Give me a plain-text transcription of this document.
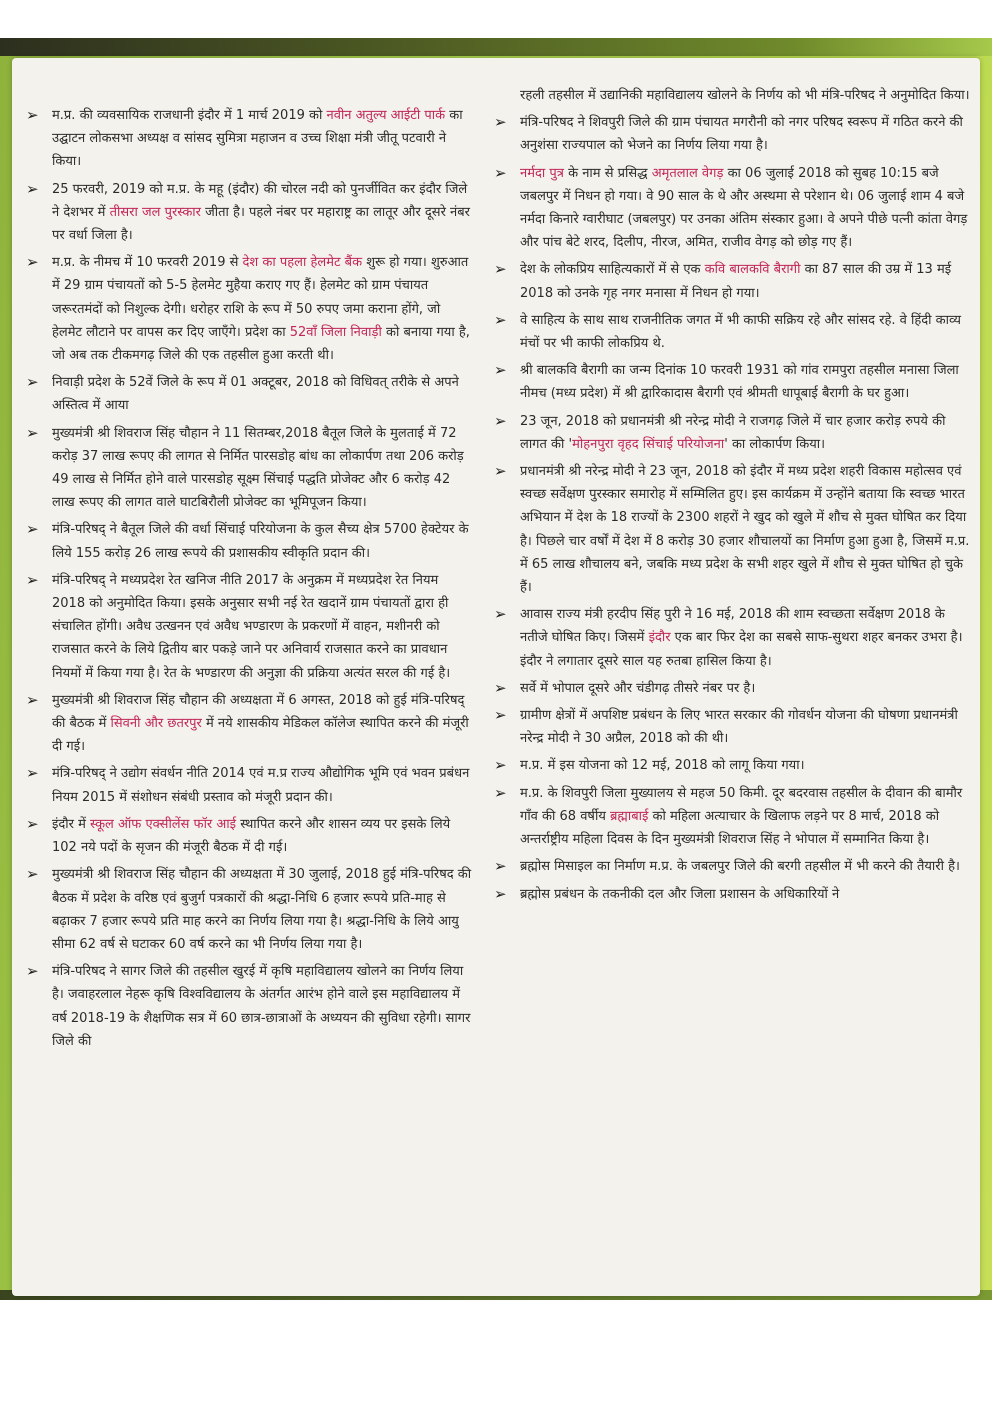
➢ म.प्र. की व्यवसायिक राजधानी इंदौर में 1 मार्च 2019 को नवीन अतुल्य आईटी पार्क का उद्घाटन लोकसभा अध्यक्ष व सांसद सुमित्रा महाजन व उच्च शिक्षा मंत्री जीतू पटवारी ने किया।

➢ 25 फरवरी, 2019 को म.प्र. के महू (इंदौर) की चोरल नदी को पुनर्जीवित कर इंदौर जिले ने देशभर में तीसरा जल पुरस्कार जीता है। पहले नंबर पर महाराष्ट्र का लातूर और दूसरे नंबर पर वर्धा जिला है।

➢ म.प्र. के नीमच में 10 फरवरी 2019 से देश का पहला हेलमेट बैंक शुरू हो गया। शुरुआत में 29 ग्राम पंचायतों को 5-5 हेलमेट मुहैया कराए गए हैं। हेलमेट को ग्राम पंचायत जरूरतमंदों को निशुल्क देगी। धरोहर राशि के रूप में 50 रुपए जमा कराना होंगे, जो हेलमेट लौटाने पर वापस कर दिए जाएँगे। प्रदेश का 52वाँ जिला निवाड़ी को बनाया गया है, जो अब तक टीकमगढ़ जिले की एक तहसील हुआ करती थी।

➢ निवाड़ी प्रदेश के 52वें जिले के रूप में 01 अक्टूबर, 2018 को विधिवत् तरीके से अपने अस्तित्व में आया

➢ मुख्यमंत्री श्री शिवराज सिंह चौहान ने 11 सितम्बर,2018 बैतूल जिले के मुलताई में 72 करोड़ 37 लाख रूपए की लागत से निर्मित पारसडोह बांध का लोकार्पण तथा 206 करोड़ 49 लाख से निर्मित होने वाले पारसडोह सूक्ष्म सिंचाई पद्धति प्रोजेक्ट और 6 करोड़ 42 लाख रूपए की लागत वाले घाटबिरौली प्रोजेक्ट का भूमिपूजन किया।

➢ मंत्रि-परिषद् ने बैतूल जिले की वर्धा सिंचाई परियोजना के कुल सैच्य क्षेत्र 5700 हेक्टेयर के लिये 155 करोड़ 26 लाख रूपये की प्रशासकीय स्वीकृति प्रदान की।

➢ मंत्रि-परिषद् ने मध्यप्रदेश रेत खनिज नीति 2017 के अनुक्रम में मध्यप्रदेश रेत नियम 2018 को अनुमोदित किया। इसके अनुसार सभी नई रेत खदानें ग्राम पंचायतों द्वारा ही संचालित होंगी। अवैध उत्खनन एवं अवैध भण्डारण के प्रकरणों में वाहन, मशीनरी को राजसात करने के लिये द्वितीय बार पकड़े जाने पर अनिवार्य राजसात करने का प्रावधान नियमों में किया गया है। रेत के भण्डारण की अनुज्ञा की प्रक्रिया अत्यंत सरल की गई है।

➢ मुख्यमंत्री श्री शिवराज सिंह चौहान की अध्यक्षता में 6 अगस्त, 2018 को हुई मंत्रि-परिषद् की बैठक में सिवनी और छतरपुर में नये शासकीय मेडिकल कॉलेज स्थापित करने की मंजूरी दी गई।

➢ मंत्रि-परिषद् ने उद्योग संवर्धन नीति 2014 एवं म.प्र राज्य औद्योगिक भूमि एवं भवन प्रबंधन नियम 2015 में संशोधन संबंधी प्रस्ताव को मंजूरी प्रदान की।

➢ इंदौर में स्कूल ऑफ एक्सीलेंस फॉर आई स्थापित करने और शासन व्यय पर इसके लिये 102 नये पदों के सृजन की मंजूरी बैठक में दी गई।

➢ मुख्यमंत्री श्री शिवराज सिंह चौहान की अध्यक्षता में 30 जुलाई, 2018 हुई मंत्रि-परिषद की बैठक में प्रदेश के वरिष्ठ एवं बुजुर्ग पत्रकारों की श्रद्धा-निधि 6 हजार रूपये प्रति-माह से बढ़ाकर 7 हजार रूपये प्रति माह करने का निर्णय लिया गया है। श्रद्धा-निधि के लिये आयु सीमा 62 वर्ष से घटाकर 60 वर्ष करने का भी निर्णय लिया गया है।

➢ मंत्रि-परिषद ने सागर जिले की तहसील खुरई में कृषि महाविद्यालय खोलने का निर्णय लिया है। जवाहरलाल नेहरू कृषि विश्वविद्यालय के अंतर्गत आरंभ होने वाले इस महाविद्यालय में वर्ष 2018-19 के शैक्षणिक सत्र में 60 छात्र-छात्राओं के अध्ययन की सुविधा रहेगी। सागर जिले की

रहली तहसील में उद्यानिकी महाविद्यालय खोलने के निर्णय को भी मंत्रि-परिषद ने अनुमोदित किया।

➢ मंत्रि-परिषद ने शिवपुरी जिले की ग्राम पंचायत मगरौनी को नगर परिषद स्वरूप में गठित करने की अनुशंसा राज्यपाल को भेजने का निर्णय लिया गया है।

➢ नर्मदा पुत्र के नाम से प्रसिद्ध अमृतलाल वेगड़ का 06 जुलाई 2018 को सुबह 10:15 बजे जबलपुर में निधन हो गया। वे 90 साल के थे और अस्थमा से परेशान थे। 06 जुलाई शाम 4 बजे नर्मदा किनारे ग्वारीघाट (जबलपुर) पर उनका अंतिम संस्कार हुआ। वे अपने पीछे पत्नी कांता वेगड़ और पांच बेटे शरद, दिलीप, नीरज, अमित, राजीव वेगड़ को छोड़ गए हैं।

➢ देश के लोकप्रिय साहित्यकारों में से एक कवि बालकवि बैरागी का 87 साल की उम्र में 13 मई 2018 को उनके गृह नगर मनासा में निधन हो गया।

➢ वे साहित्य के साथ साथ राजनीतिक जगत में भी काफी सक्रिय रहे और सांसद रहे. वे हिंदी काव्य मंचों पर भी काफी लोकप्रिय थे.

➢ श्री बालकवि बैरागी का जन्म दिनांक 10 फरवरी 1931 को गांव रामपुरा तहसील मनासा जिला नीमच (मध्य प्रदेश) में श्री द्वारिकादास बैरागी एवं श्रीमती धापूबाई बैरागी के घर हुआ।

➢ 23 जून, 2018 को प्रधानमंत्री श्री नरेन्द्र मोदी ने राजगढ़ जिले में चार हजार करोड़ रुपये की लागत की 'मोहनपुरा वृहद सिंचाई परियोजना' का लोकार्पण किया।

➢ प्रधानमंत्री श्री नरेन्द्र मोदी ने 23 जून, 2018 को इंदौर में मध्य प्रदेश शहरी विकास महोत्सव एवं स्वच्छ सर्वेक्षण पुरस्कार समारोह में सम्मिलित हुए। इस कार्यक्रम में उन्होंने बताया कि स्वच्छ भारत अभियान में देश के 18 राज्यों के 2300 शहरों ने खुद को खुले में शौच से मुक्त घोषित कर दिया है। पिछले चार वर्षों में देश में 8 करोड़ 30 हजार शौचालयों का निर्माण हुआ हुआ है, जिसमें म.प्र. में 65 लाख शौचालय बने, जबकि मध्य प्रदेश के सभी शहर खुले में शौच से मुक्त घोषित हो चुके हैं।

➢ आवास राज्य मंत्री हरदीप सिंह पुरी ने 16 मई, 2018 की शाम स्वच्छता सर्वेक्षण 2018 के नतीजे घोषित किए। जिसमें इंदौर एक बार फिर देश का सबसे साफ-सुथरा शहर बनकर उभरा है। इंदौर ने लगातार दूसरे साल यह रुतबा हासिल किया है।

➢ सर्वे में भोपाल दूसरे और चंडीगढ़ तीसरे नंबर पर है।

➢ ग्रामीण क्षेत्रों में अपशिष्ट प्रबंधन के लिए भारत सरकार की गोवर्धन योजना की घोषणा प्रधानमंत्री नरेन्द्र मोदी ने 30 अप्रैल, 2018 को की थी।

➢ म.प्र. में इस योजना को 12 मई, 2018 को लागू किया गया।

➢ म.प्र. के शिवपुरी जिला मुख्यालय से महज 50 किमी. दूर बदरवास तहसील के दीवान की बामौर गाँव की 68 वर्षीय ब्रह्माबाई को महिला अत्याचार के खिलाफ लड़ने पर 8 मार्च, 2018 को अन्तर्राष्ट्रीय महिला दिवस के दिन मुख्यमंत्री शिवराज सिंह ने भोपाल में सम्मानित किया है।

➢ ब्रह्मोस मिसाइल का निर्माण म.प्र. के जबलपुर जिले की बरगी तहसील में भी करने की तैयारी है।

➢ ब्रह्मोस प्रबंधन के तकनीकी दल और जिला प्रशासन के अधिकारियों ने
